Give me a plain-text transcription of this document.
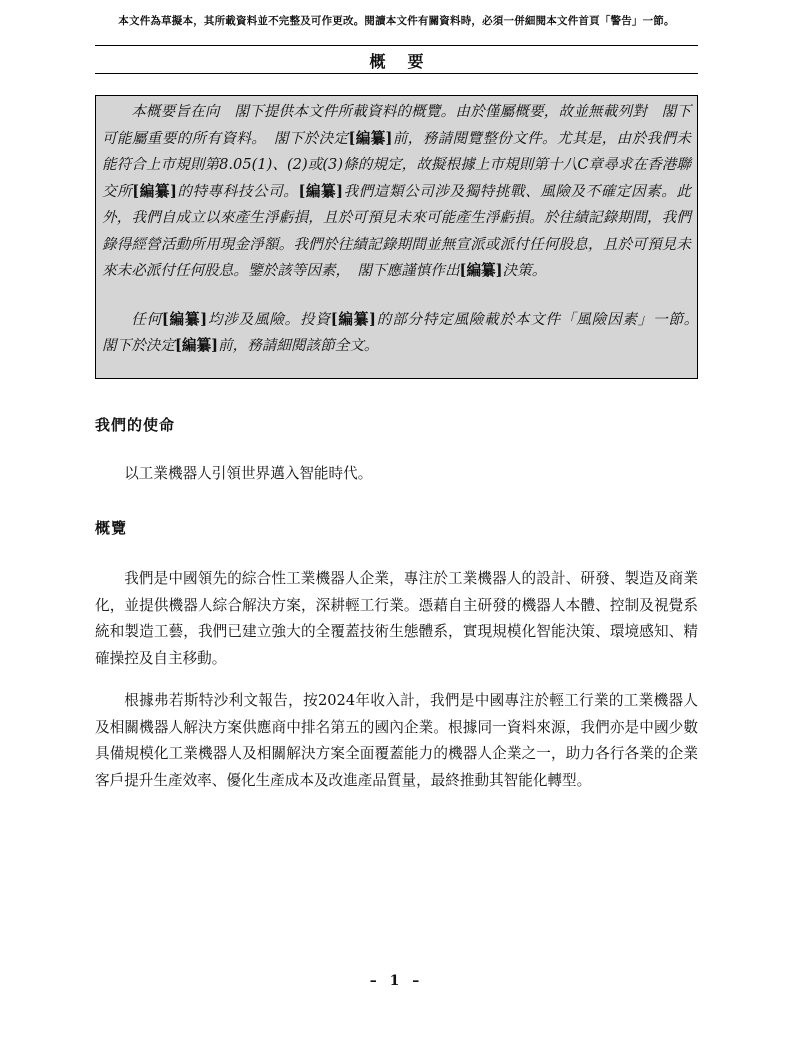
本文件為草擬本，其所載資料並不完整及可作更改。閱讀本文件有關資料時，必須一併細閱本文件首頁「警告」一節。
概要

本概要旨在向　閣下提供本文件所載資料的概覽。由於僅屬概要，故並無載列對　閣下可能屬重要的所有資料。　閣下於決定[編纂]前，務請閱覽整份文件。尤其是，由於我們未能符合上市規則第8.05(1)、(2)或(3)條的規定，故擬根據上市規則第十八C章尋求在香港聯交所[編纂]的特專科技公司。[編纂]我們這類公司涉及獨特挑戰、風險及不確定因素。此外，我們自成立以來產生淨虧損，且於可預見未來可能產生淨虧損。於往績記錄期間，我們錄得經營活動所用現金淨額。我們於往績記錄期間並無宣派或派付任何股息，且於可預見未來未必派付任何股息。鑒於該等因素，　閣下應謹慎作出[編纂]決策。

任何[編纂]均涉及風險。投資[編纂]的部分特定風險載於本文件「風險因素」一節。　閣下於決定[編纂]前，務請細閱該節全文。

我們的使命

以工業機器人引領世界邁入智能時代。

概覽

我們是中國領先的綜合性工業機器人企業，專注於工業機器人的設計、研發、製造及商業化，並提供機器人綜合解決方案，深耕輕工行業。憑藉自主研發的機器人本體、控制及視覺系統和製造工藝，我們已建立強大的全覆蓋技術生態體系，實現規模化智能決策、環境感知、精確操控及自主移動。

根據弗若斯特沙利文報告，按2024年收入計，我們是中國專注於輕工行業的工業機器人及相關機器人解決方案供應商中排名第五的國內企業。根據同一資料來源，我們亦是中國少數具備規模化工業機器人及相關解決方案全面覆蓋能力的機器人企業之一，助力各行各業的企業客戶提升生產效率、優化生產成本及改進產品質量，最終推動其智能化轉型。

– 1 –
